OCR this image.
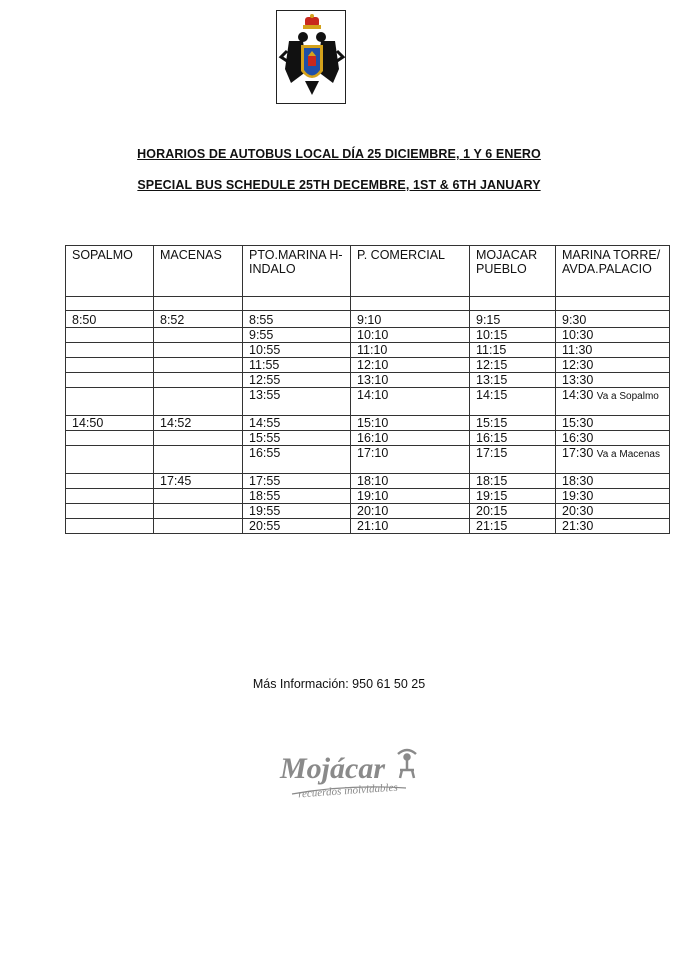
HORARIOS DE AUTOBUS LOCAL DÍA 25 DICIEMBRE, 1 Y 6 ENERO
SPECIAL BUS SCHEDULE 25TH DECEMBRE, 1ST & 6TH JANUARY
SOPALMO	MACENAS	PTO.MARINA H-INDALO	P. COMERCIAL	MOJACAR PUEBLO	MARINA TORRE/ AVDA.PALACIO

8:50	8:52	8:55	9:10	9:15	9:30
		9:55	10:10	10:15	10:30
		10:55	11:10	11:15	11:30
		11:55	12:10	12:15	12:30
		12:55	13:10	13:15	13:30
		13:55	14:10	14:15	14:30 Va a Sopalmo
14:50	14:52	14:55	15:10	15:15	15:30
		15:55	16:10	16:15	16:30
		16:55	17:10	17:15	17:30 Va a Macenas
	17:45	17:55	18:10	18:15	18:30
		18:55	19:10	19:15	19:30
		19:55	20:10	20:15	20:30
		20:55	21:10	21:15	21:30
Más Información: 950 61 50 25
Mojácar
recuerdos inolvidables
